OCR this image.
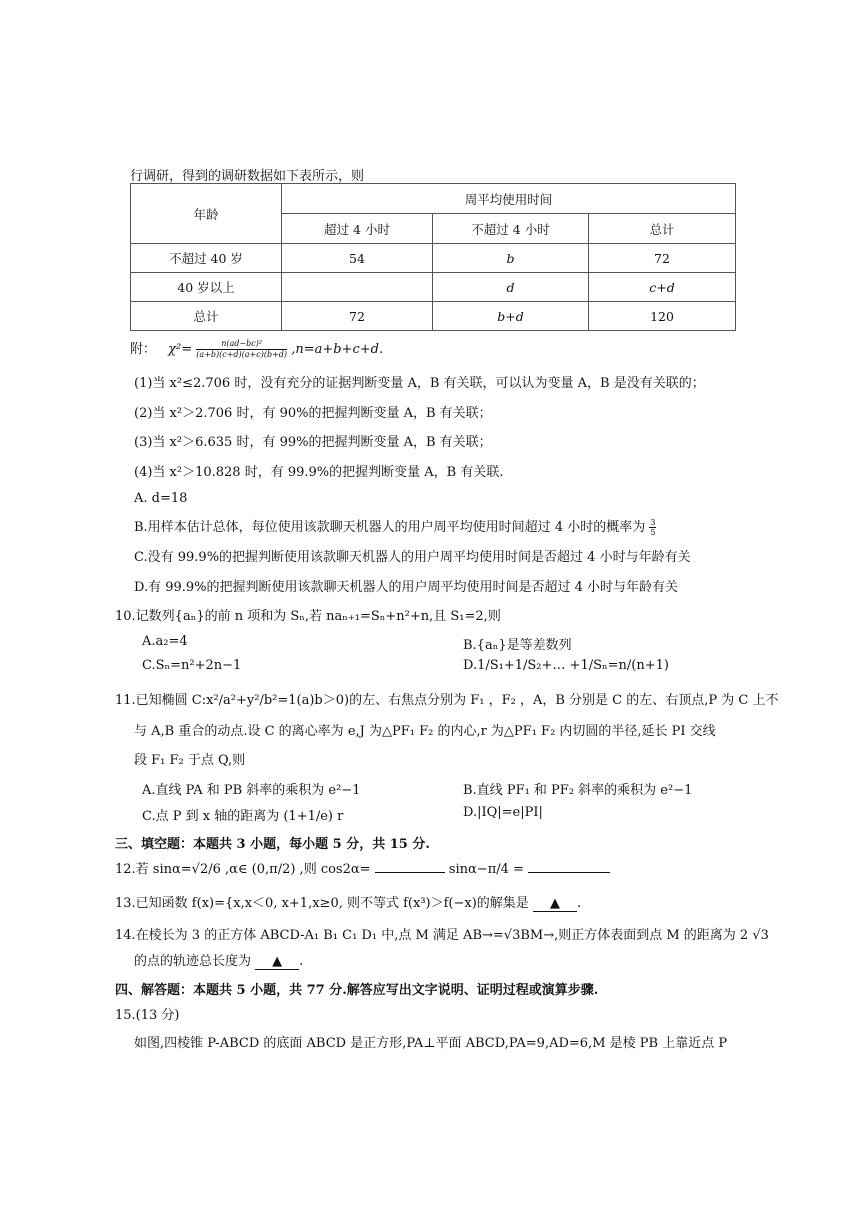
行调研，得到的调研数据如下表所示，则
年龄	周平均使用时间		
	超过 4 小时	不超过 4 小时	总计
不超过 40 岁	54	b	72
40 岁以上		d	c+d
总计	72	b+d	120
附： $\chi^2= \frac{\text{n(ad−bc)²}}{(a+b)(c+d)(a+c)(b+d)} ,n=a+b+c+d$.
(1)当 x²≤2.706 时，没有充分的证据判断变量 A，B 有关联，可以认为变量 A，B 是没有关联的；
(2)当 x²＞2.706 时，有 90%的把握判断变量 A，B 有关联；
(3)当 x²＞6.635 时，有 99%的把握判断变量 A，B 有关联；
(4)当 x²＞10.828 时，有 99.9%的把握判断变量 A，B 有关联.
A. d=18
B.用样本估计总体，每位使用该款聊天机器人的用户周平均使用时间超过 4 小时的概率为 $\frac{3}{5}$
C.没有 99.9%的把握判断使用该款聊天机器人的用户周平均使用时间是否超过 4 小时与年龄有关
D.有 99.9%的把握判断使用该款聊天机器人的用户周平均使用时间是否超过 4 小时与年龄有关
10.记数列{aₙ}的前 n 项和为 Sₙ,若 naₙ₊₁=Sₙ+n²+n,且 S₁=2,则
A.a₂=4	B.{aₙ}是等差数列
C.Sₙ=n²+2n−1	D.1/S₁+1/S₂+… +1/Sₙ=n/(n+1)
11.已知椭圆 C:x²/a²+y²/b²=1(a)b＞0)的左、右焦点分别为 F₁ ，F₂ ，A，B 分别是 C 的左、右顶点,P 为 C 上不
与 A,B 重合的动点.设 C 的离心率为 e,J 为△PF₁ F₂ 的内心,r 为△PF₁ F₂ 内切圆的半径,延长 PI 交线
段 F₁ F₂ 于点 Q,则
A.直线 PA 和 PB 斜率的乘积为 e²−1	B.直线 PF₁ 和 PF₂ 斜率的乘积为 e²−1
C.点 P 到 x 轴的距离为 (1+1/e) r	D.|IQ|=e|PI|
三、填空题：本题共 3 小题，每小题 5 分，共 15 分.
12.若 sinα=√2/6 ,α∈ (0,π/2) ,则 cos2α=	sinα−π/4 =
13.已知函数 f(x)={x,x＜0, x+1,x≥0, 则不等式 f(x³)＞f(−x)的解集是 ▲ .
14.在棱长为 3 的正方体 ABCD-A₁ B₁ C₁ D₁ 中,点 M 满足 AB→=√3BM→,则正方体表面到点 M 的距离为 2 √3
的点的轨迹总长度为 ▲ .
四、解答题：本题共 5 小题，共 77 分.解答应写出文字说明、证明过程或演算步骤.
15.(13 分)
如图,四棱锥 P-ABCD 的底面 ABCD 是正方形,PA⊥平面 ABCD,PA=9,AD=6,M 是棱 PB 上靠近点 P
